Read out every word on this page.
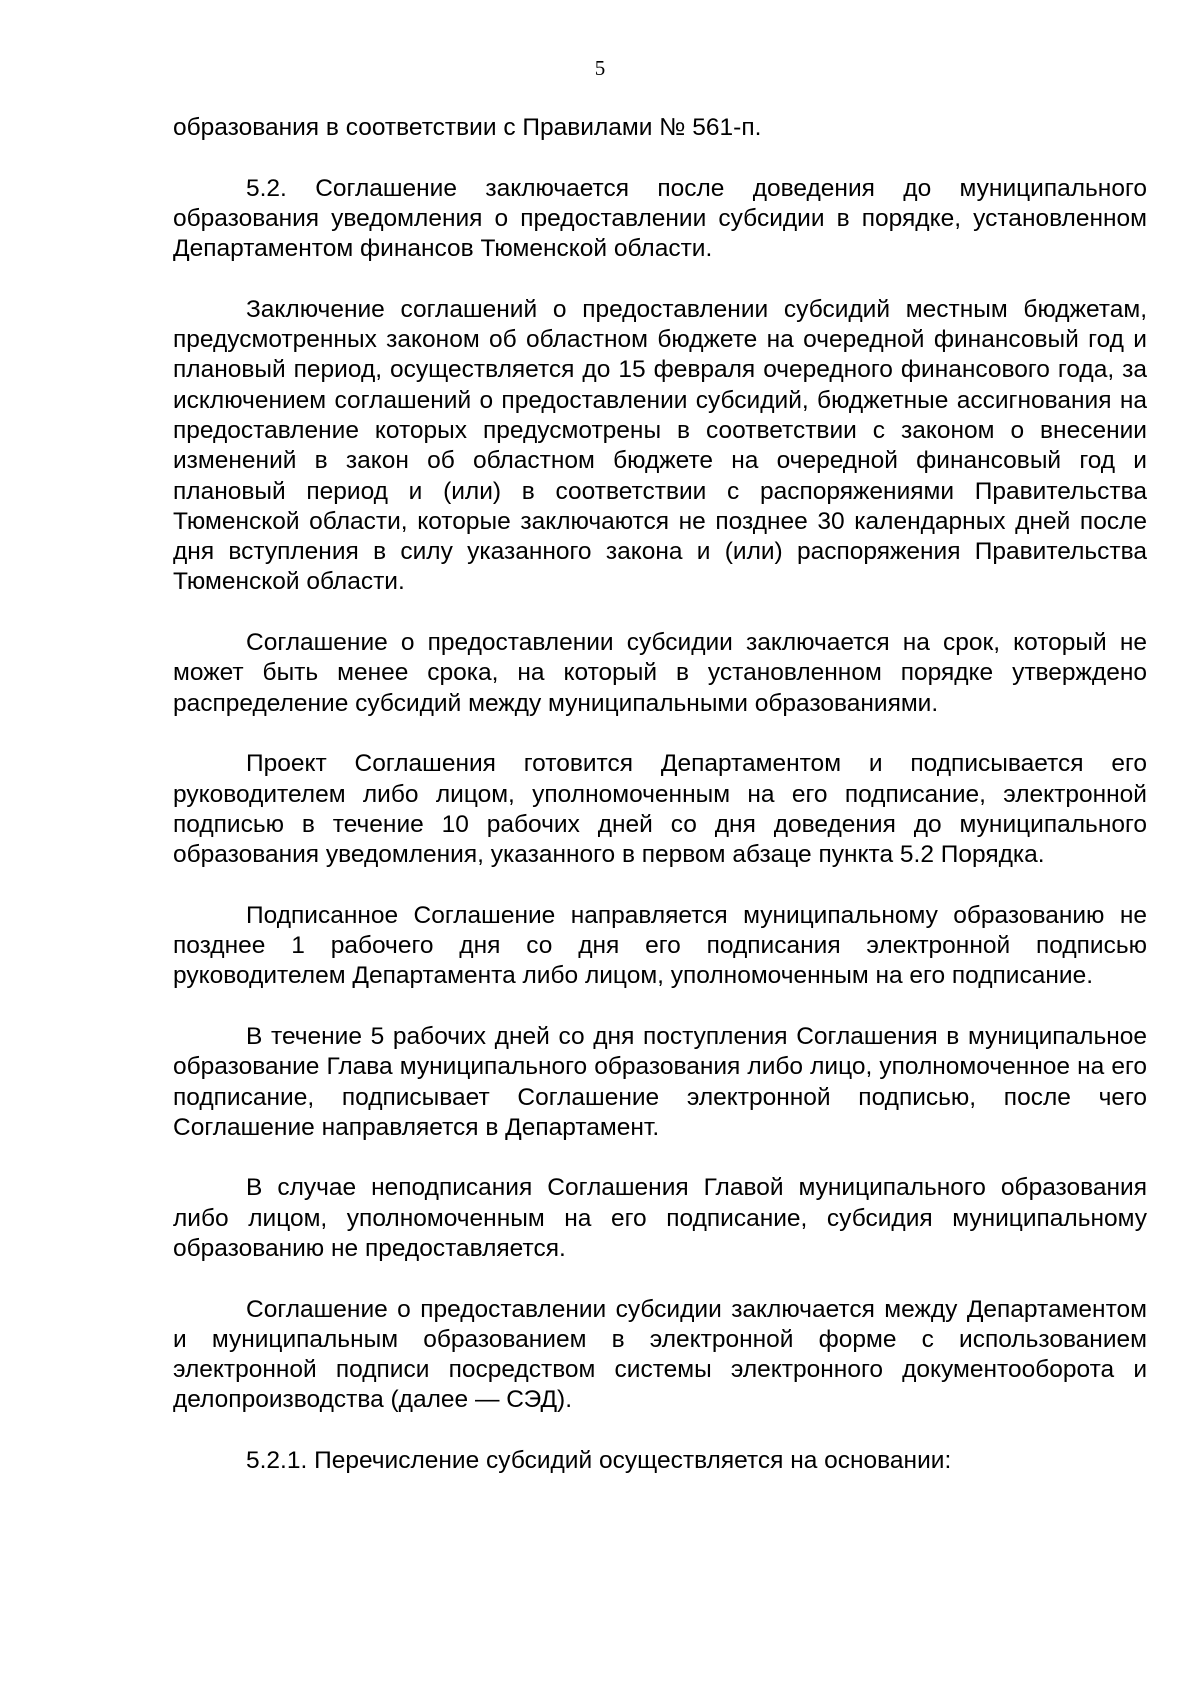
5

образования в соответствии с Правилами № 561-п.

5.2. Соглашение заключается после доведения до муниципального образования уведомления о предоставлении субсидии в порядке, установленном Департаментом финансов Тюменской области.

Заключение соглашений о предоставлении субсидий местным бюджетам, предусмотренных законом об областном бюджете на очередной финансовый год и плановый период, осуществляется до 15 февраля очередного финансового года, за исключением соглашений о предоставлении субсидий, бюджетные ассигнования на предоставление которых предусмотрены в соответствии с законом о внесении изменений в закон об областном бюджете на очередной финансовый год и плановый период и (или) в соответствии с распоряжениями Правительства Тюменской области, которые заключаются не позднее 30 календарных дней после дня вступления в силу указанного закона и (или) распоряжения Правительства Тюменской области.

Соглашение о предоставлении субсидии заключается на срок, который не может быть менее срока, на который в установленном порядке утверждено распределение субсидий между муниципальными образованиями.

Проект Соглашения готовится Департаментом и подписывается его руководителем либо лицом, уполномоченным на его подписание, электронной подписью в течение 10 рабочих дней со дня доведения до муниципального образования уведомления, указанного в первом абзаце пункта 5.2 Порядка.

Подписанное Соглашение направляется муниципальному образованию не позднее 1 рабочего дня со дня его подписания электронной подписью руководителем Департамента либо лицом, уполномоченным на его подписание.

В течение 5 рабочих дней со дня поступления Соглашения в муниципальное образование Глава муниципального образования либо лицо, уполномоченное на его подписание, подписывает Соглашение электронной подписью, после чего Соглашение направляется в Департамент.

В случае неподписания Соглашения Главой муниципального образования либо лицом, уполномоченным на его подписание, субсидия муниципальному образованию не предоставляется.

Соглашение о предоставлении субсидии заключается между Департаментом и муниципальным образованием в электронной форме с использованием электронной подписи посредством системы электронного документооборота и делопроизводства (далее — СЭД).

5.2.1. Перечисление субсидий осуществляется на основании:
